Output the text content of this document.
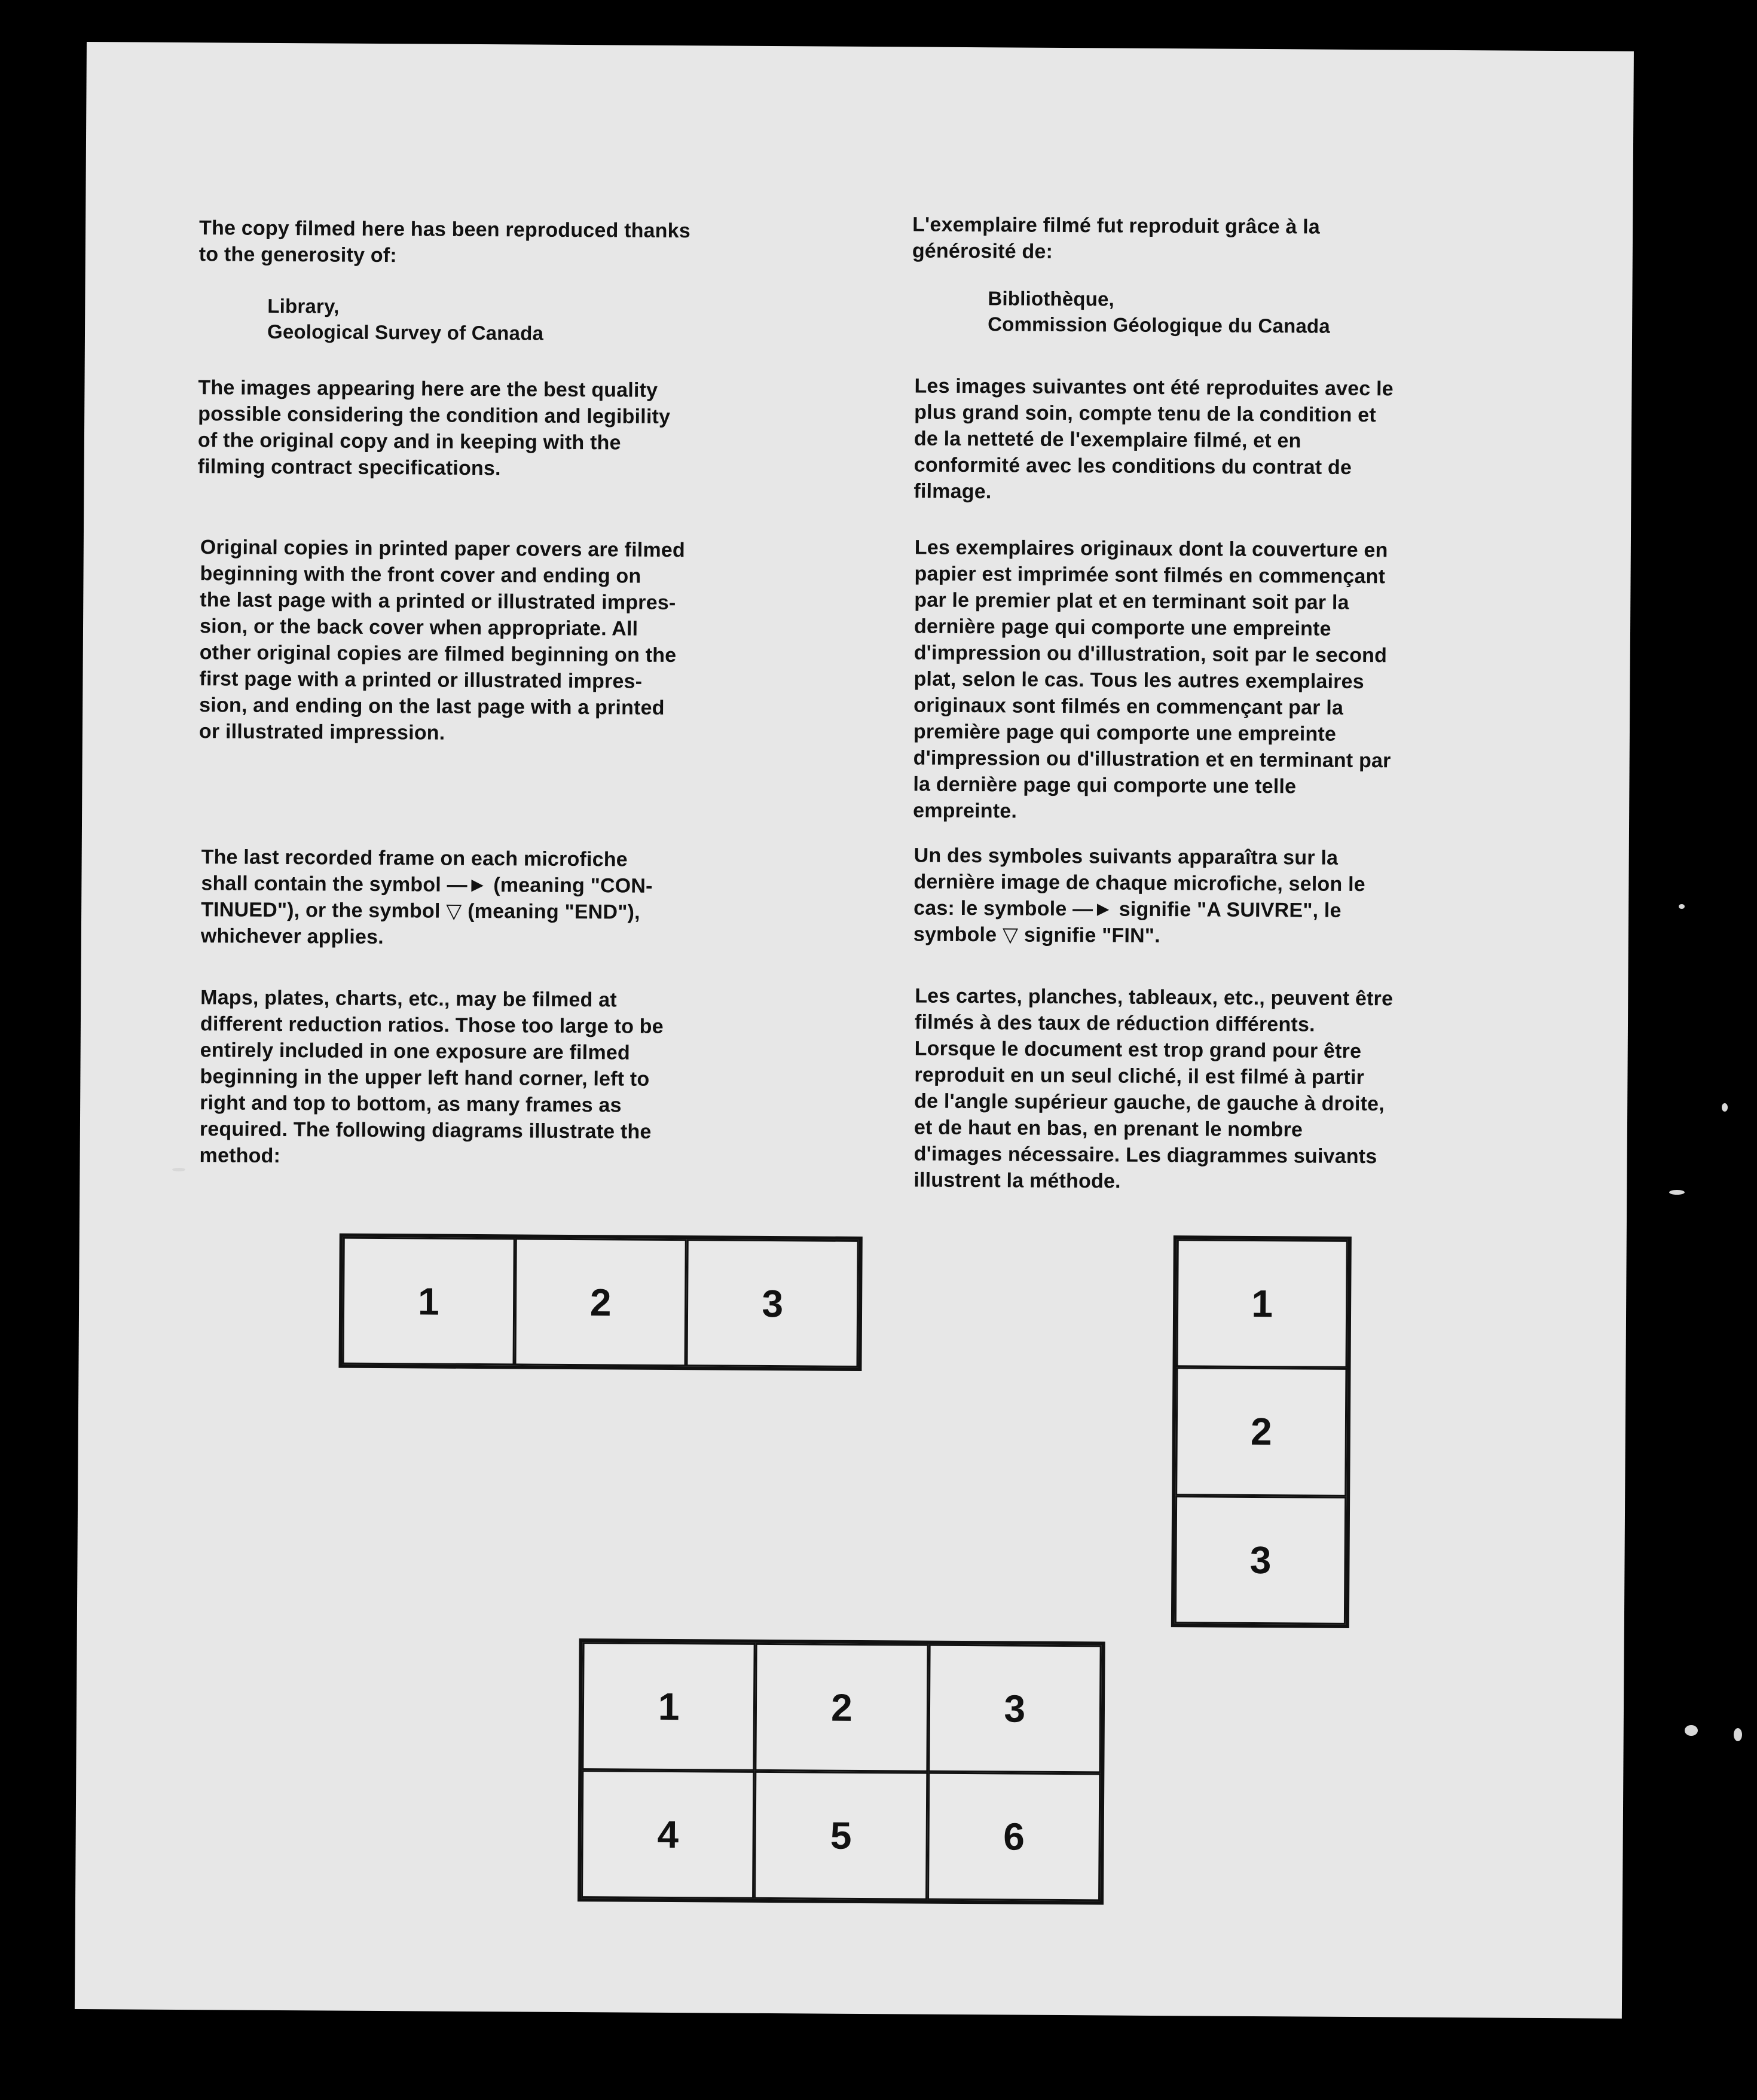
The copy filmed here has been reproduced thanks
to the generosity of:
Library,
Geological Survey of Canada
The images appearing here are the best quality
possible considering the condition and legibility
of the original copy and in keeping with the
filming contract specifications.
Original copies in printed paper covers are filmed
beginning with the front cover and ending on
the last page with a printed or illustrated impres-
sion, or the back cover when appropriate. All
other original copies are filmed beginning on the
first page with a printed or illustrated impres-
sion, and ending on the last page with a printed
or illustrated impression.
The last recorded frame on each microfiche
shall contain the symbol —► (meaning "CON-
TINUED"), or the symbol ▽ (meaning "END"),
whichever applies.
Maps, plates, charts, etc., may be filmed at
different reduction ratios. Those too large to be
entirely included in one exposure are filmed
beginning in the upper left hand corner, left to
right and top to bottom, as many frames as
required. The following diagrams illustrate the
method:
L'exemplaire filmé fut reproduit grâce à la
générosité de:
Bibliothèque,
Commission Géologique du Canada
Les images suivantes ont été reproduites avec le
plus grand soin, compte tenu de la condition et
de la netteté de l'exemplaire filmé, et en
conformité avec les conditions du contrat de
filmage.
Les exemplaires originaux dont la couverture en
papier est imprimée sont filmés en commençant
par le premier plat et en terminant soit par la
dernière page qui comporte une empreinte
d'impression ou d'illustration, soit par le second
plat, selon le cas. Tous les autres exemplaires
originaux sont filmés en commençant par la
première page qui comporte une empreinte
d'impression ou d'illustration et en terminant par
la dernière page qui comporte une telle
empreinte.
Un des symboles suivants apparaîtra sur la
dernière image de chaque microfiche, selon le
cas: le symbole —► signifie "A SUIVRE", le
symbole ▽ signifie "FIN".
Les cartes, planches, tableaux, etc., peuvent être
filmés à des taux de réduction différents.
Lorsque le document est trop grand pour être
reproduit en un seul cliché, il est filmé à partir
de l'angle supérieur gauche, de gauche à droite,
et de haut en bas, en prenant le nombre
d'images nécessaire. Les diagrammes suivants
illustrent la méthode.
1	2	3	1
2
3
1	2	3
4	5	6
